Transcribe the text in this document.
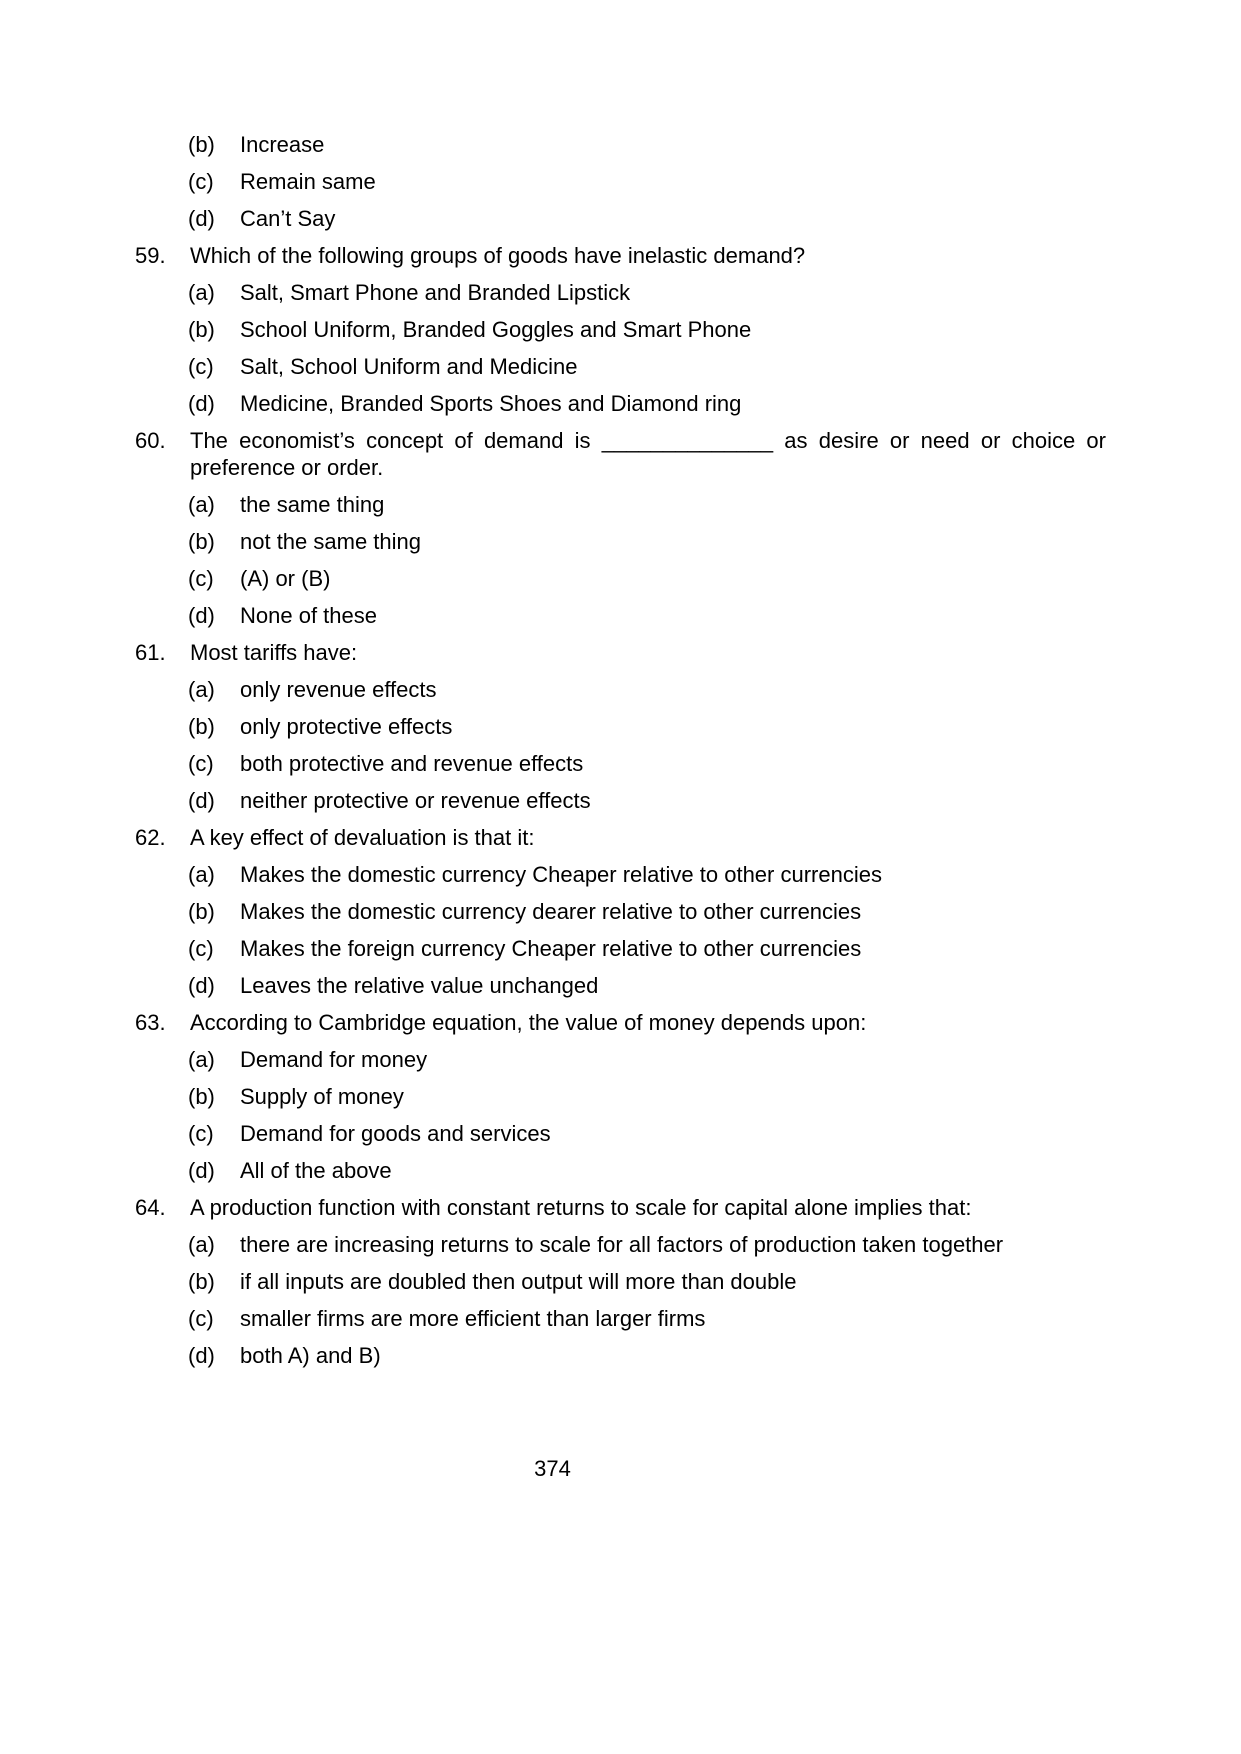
(b)	Increase
(c)	Remain same
(d)	Can’t Say
59.	Which of the following groups of goods have inelastic demand?
(a)	Salt, Smart Phone and Branded Lipstick
(b)	School Uniform, Branded Goggles and Smart Phone
(c)	Salt, School Uniform and Medicine
(d)	Medicine, Branded Sports Shoes and Diamond ring
60.	The economist’s concept of demand is ______________ as desire or need or choice or preference or order.
(a)	the same thing
(b)	not the same thing
(c)	(A) or (B)
(d)	None of these
61.	Most tariffs have:
(a)	only revenue effects
(b)	only protective effects
(c)	both protective and revenue effects
(d)	neither protective or revenue effects
62.	A key effect of devaluation is that it:
(a)	Makes the domestic currency Cheaper relative to other currencies
(b)	Makes the domestic currency dearer relative to other currencies
(c)	Makes the foreign currency Cheaper relative to other currencies
(d)	Leaves the relative value unchanged
63.	According to Cambridge equation, the value of money depends upon:
(a)	Demand for money
(b)	Supply of money
(c)	Demand for goods and services
(d)	All of the above
64.	A production function with constant returns to scale for capital alone implies that:
(a)	there are increasing returns to scale for all factors of production taken together
(b)	if all inputs are doubled then output will more than double
(c)	smaller firms are more efficient than larger firms
(d)	both A) and B)
374
